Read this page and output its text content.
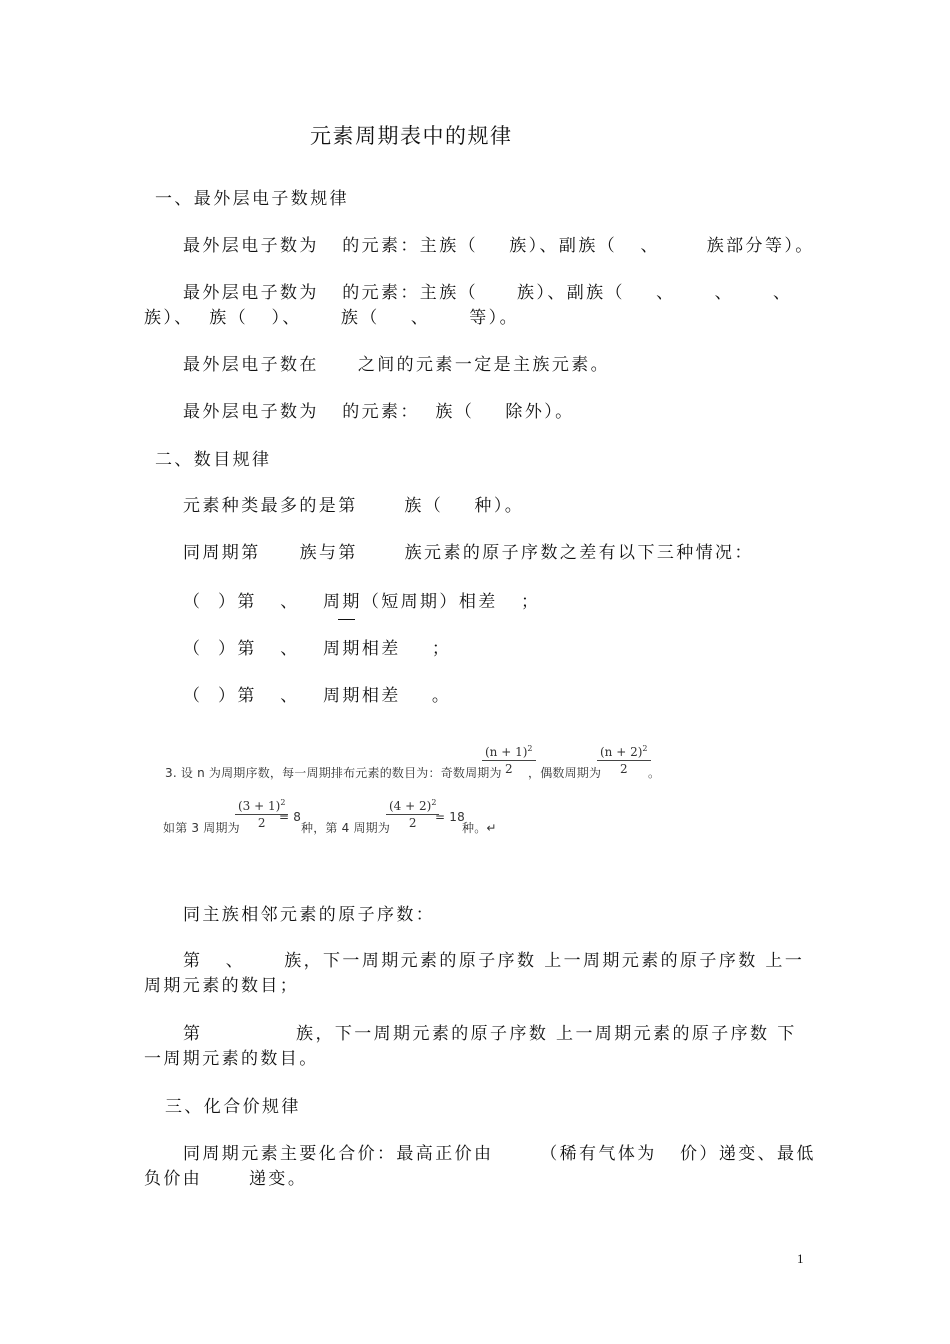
元素周期表中的规律
一、最外层电子数规律
最外层电子数为   的元素：主族（    族）、副族（   、      族部分等）。
最外层电子数为   的元素：主族（     族）、副族（    、     、     、
族）、  族（   ）、     族（    、     等）。
最外层电子数在     之间的元素一定是主族元素。
最外层电子数为   的元素：  族（    除外）。
二、数目规律
元素种类最多的是第      族（    种）。
同周期第     族与第      族元素的原子序数之差有以下三种情况：
（  ）第   、   周期（短周期）相差   ；
（  ）第   、   周期相差    ；
（  ）第   、   周期相差    。
3. 设 n 为周期序数，每一周期排布元素的数目为：奇数周期为
$\frac{(n + 1)^2}{2}$
，偶数周期为
$\frac{(n + 2)^2}{2}$
。
如第 3 周期为
$\frac{(3 + 1)^2}{2}$
= 8
种，第 4 周期为
$\frac{(4 + 2)^2}{2}$
= 18
种。↵
同主族相邻元素的原子序数：
第   、     族，下一周期元素的原子序数 上一周期元素的原子序数 上一
周期元素的数目；
第            族，下一周期元素的原子序数 上一周期元素的原子序数 下
一周期元素的数目。
三、化合价规律
同周期元素主要化合价：最高正价由      （稀有气体为   价）递变、最低
负价由      递变。
1
